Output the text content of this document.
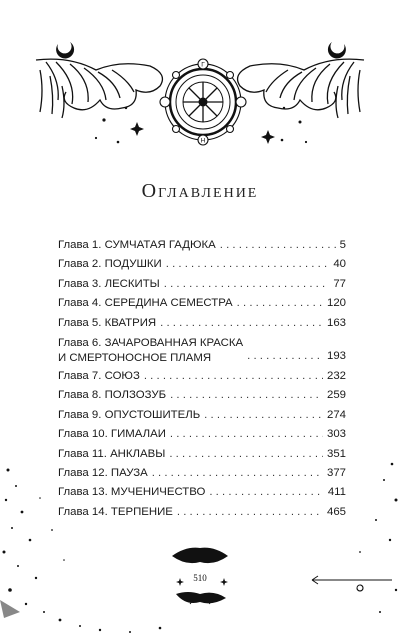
Г
Н
Оглавление
Глава 1. СУМЧАТАЯ ГАДЮКА . . .	5
Глава 2. ПОДУШКИ . . .	40
Глава 3. ЛЕСКИТЫ . . .	77
Глава 4. СЕРЕДИНА СЕМЕСТРА . . .	120
Глава 5. КВАТРИЯ . . .	163
Глава 6. ЗАЧАРОВАННАЯ КРАСКА
И СМЕРТОНОСНОЕ ПЛАМЯ . . .	193
Глава 7. СОЮЗ . . .	232
Глава 8. ПОЛЗОЗУБ . . .	259
Глава 9. ОПУСТОШИТЕЛЬ . . .	274
Глава 10. ГИМАЛАИ . . .	303
Глава 11. АНКЛАВЫ . . .	351
Глава 12. ПАУЗА . . .	377
Глава 13. МУЧЕНИЧЕСТВО . . .	411
Глава 14. ТЕРПЕНИЕ . . .	465
510
